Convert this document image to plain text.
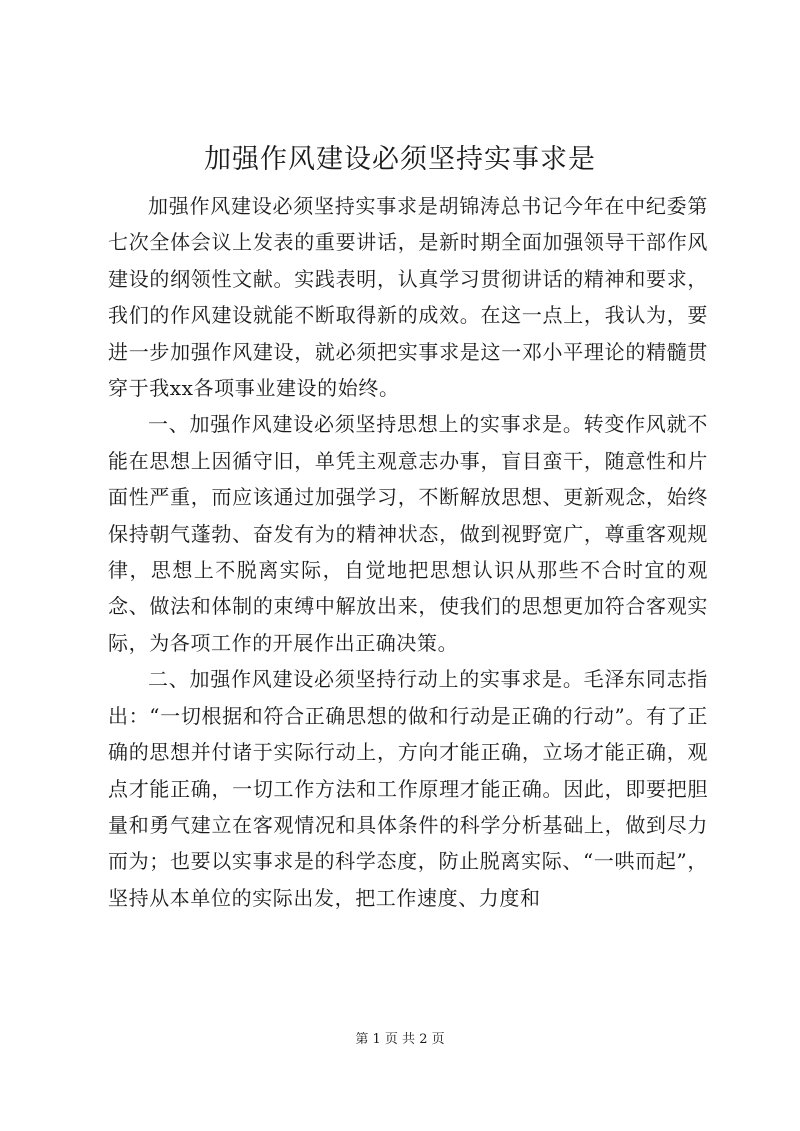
加强作风建设必须坚持实事求是

加强作风建设必须坚持实事求是胡锦涛总书记今年在中纪委第七次全体会议上发表的重要讲话，是新时期全面加强领导干部作风建设的纲领性文献。实践表明，认真学习贯彻讲话的精神和要求，我们的作风建设就能不断取得新的成效。在这一点上，我认为，要进一步加强作风建设，就必须把实事求是这一邓小平理论的精髓贯穿于我xx各项事业建设的始终。

一、加强作风建设必须坚持思想上的实事求是。转变作风就不能在思想上因循守旧，单凭主观意志办事，盲目蛮干，随意性和片面性严重，而应该通过加强学习，不断解放思想、更新观念，始终保持朝气蓬勃、奋发有为的精神状态，做到视野宽广，尊重客观规律，思想上不脱离实际，自觉地把思想认识从那些不合时宜的观念、做法和体制的束缚中解放出来，使我们的思想更加符合客观实际，为各项工作的开展作出正确决策。

二、加强作风建设必须坚持行动上的实事求是。毛泽东同志指出：“一切根据和符合正确思想的做和行动是正确的行动”。有了正确的思想并付诸于实际行动上，方向才能正确，立场才能正确，观点才能正确，一切工作方法和工作原理才能正确。因此，即要把胆量和勇气建立在客观情况和具体条件的科学分析基础上，做到尽力而为；也要以实事求是的科学态度，防止脱离实际、“一哄而起”，坚持从本单位的实际出发，把工作速度、力度和

第 1 页 共 2 页
